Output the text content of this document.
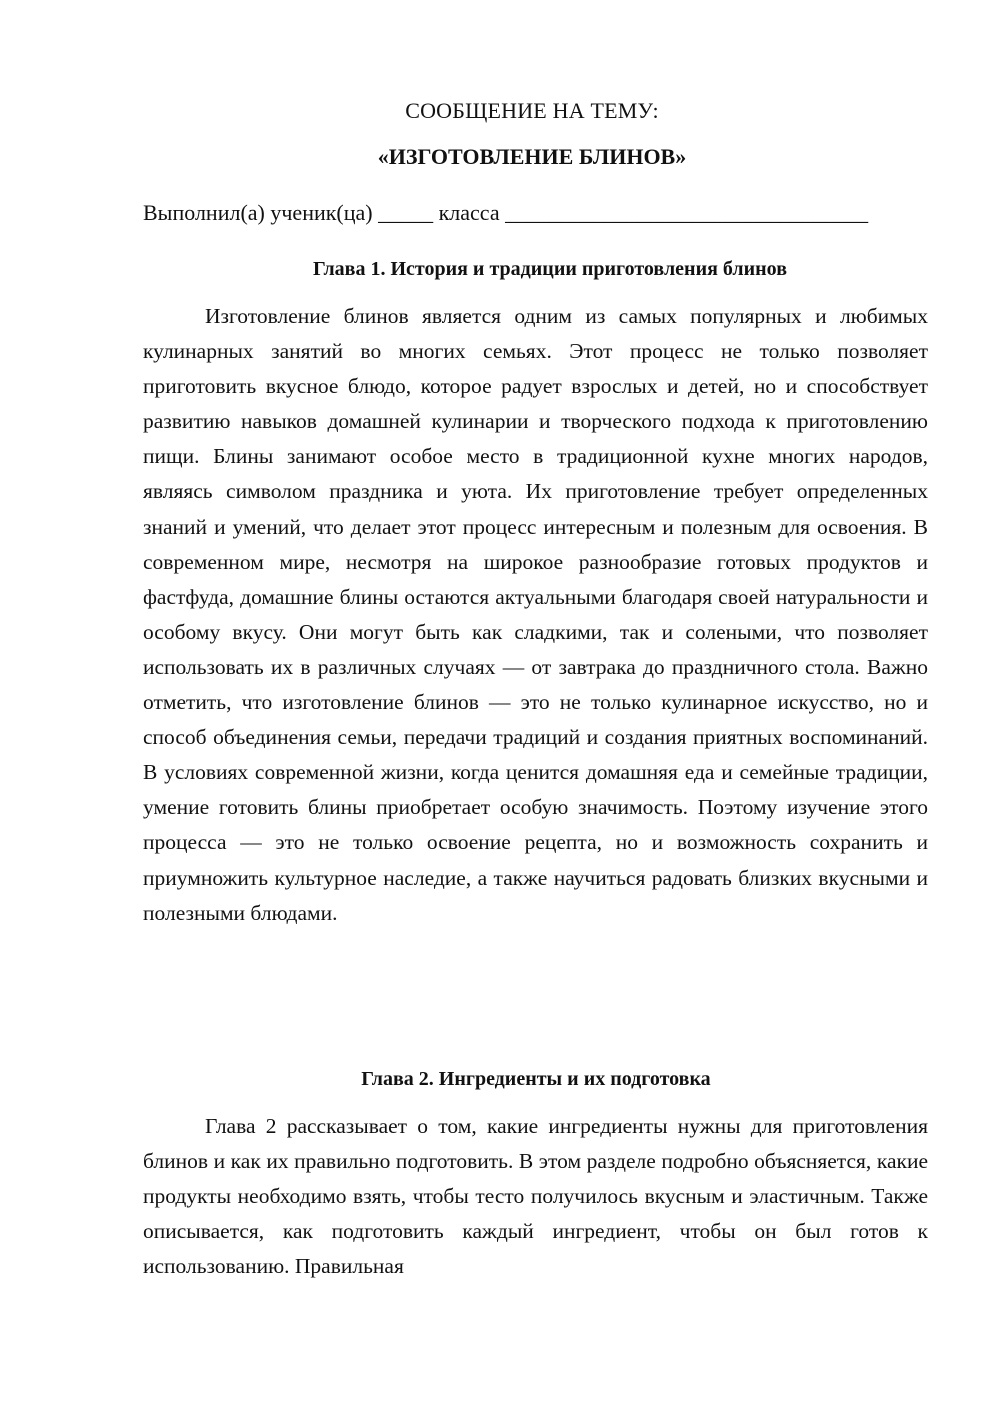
СООБЩЕНИЕ НА ТЕМУ:
«ИЗГОТОВЛЕНИЕ БЛИНОВ»
Выполнил(а) ученик(ца) _____ класса _________________________________
Глава 1. История и традиции приготовления блинов

Изготовление блинов является одним из самых популярных и любимых кулинарных занятий во многих семьях. Этот процесс не только позволяет приготовить вкусное блюдо, которое радует взрослых и детей, но и способствует развитию навыков домашней кулинарии и творческого подхода к приготовлению пищи. Блины занимают особое место в традиционной кухне многих народов, являясь символом праздника и уюта. Их приготовление требует определенных знаний и умений, что делает этот процесс интересным и полезным для освоения. В современном мире, несмотря на широкое разнообразие готовых продуктов и фастфуда, домашние блины остаются актуальными благодаря своей натуральности и особому вкусу. Они могут быть как сладкими, так и солеными, что позволяет использовать их в различных случаях — от завтрака до праздничного стола. Важно отметить, что изготовление блинов — это не только кулинарное искусство, но и способ объединения семьи, передачи традиций и создания приятных воспоминаний. В условиях современной жизни, когда ценится домашняя еда и семейные традиции, умение готовить блины приобретает особую значимость. Поэтому изучение этого процесса — это не только освоение рецепта, но и возможность сохранить и приумножить культурное наследие, а также научиться радовать близких вкусными и полезными блюдами.

Глава 2. Ингредиенты и их подготовка

Глава 2 рассказывает о том, какие ингредиенты нужны для приготовления блинов и как их правильно подготовить. В этом разделе подробно объясняется, какие продукты необходимо взять, чтобы тесто получилось вкусным и эластичным. Также описывается, как подготовить каждый ингредиент, чтобы он был готов к использованию. Правильная
